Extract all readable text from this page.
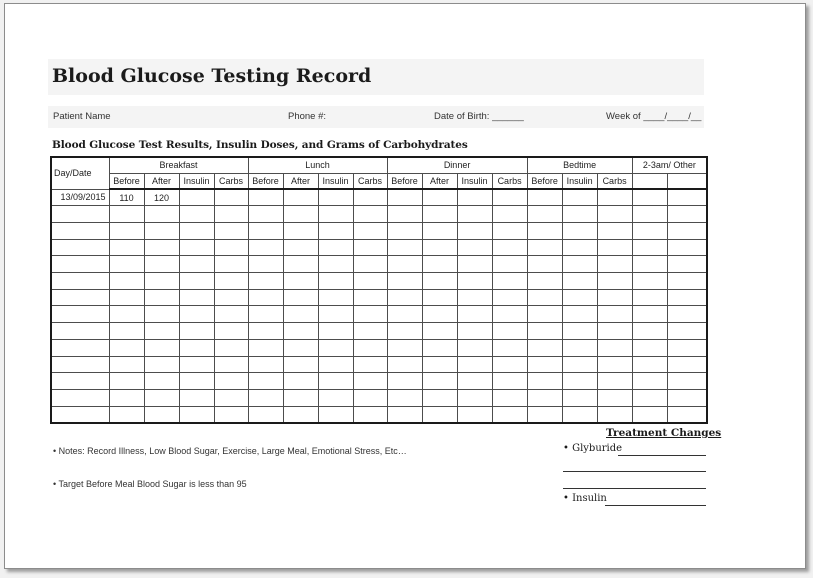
Blood Glucose Testing Record
Patient Name	Phone #:	Date of Birth: ______	Week of ____/____/__
Blood Glucose Test Results, Insulin Doses, and Grams of Carbohydrates
Day/Date	Breakfast				Lunch				Dinner				Bedtime			2-3am/ Other	
	Before	After	Insulin	Carbs	Before	After	Insulin	Carbs	Before	After	Insulin	Carbs	Before	Insulin	Carbs		
13/09/2015	110	120															

• Notes: Record Illness, Low Blood Sugar, Exercise, Large Meal, Emotional Stress, Etc…
• Target Before Meal Blood Sugar is less than 95
Treatment Changes
• Glyburide
• Insulin
